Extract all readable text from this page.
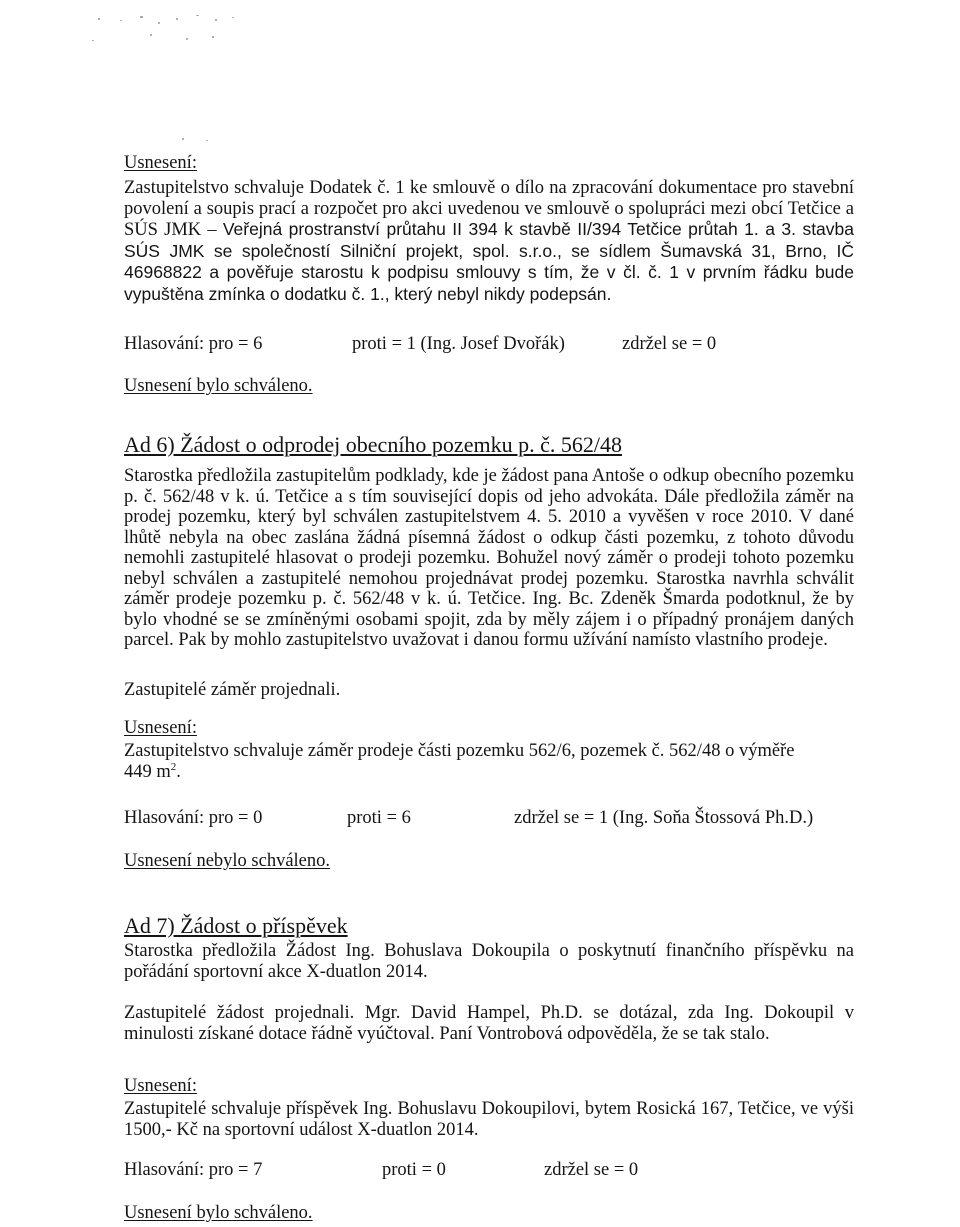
Usnesení:

Zastupitelstvo schvaluje Dodatek č. 1 ke smlouvě o dílo na zpracování dokumentace pro stavební povolení a soupis prací a rozpočet pro akci uvedenou ve smlouvě o spolupráci mezi obcí Tetčice a SÚS JMK – Veřejná prostranství průtahu II 394 k stavbě II/394 Tetčice průtah 1. a 3. stavba SÚS JMK se společností Silniční projekt, spol. s.r.o., se sídlem Šumavská 31, Brno, IČ 46968822 a pověřuje starostu k podpisu smlouvy s tím, že v čl. č. 1 v prvním řádku bude vypuštěna zmínka o dodatku č. 1., který nebyl nikdy podepsán.

Hlasování: pro = 6	proti = 1 (Ing. Josef Dvořák)	zdržel se = 0
Usnesení bylo schváleno.
Ad 6) Žádost o odprodej obecního pozemku p. č. 562/48

Starostka předložila zastupitelům podklady, kde je žádost pana Antoše o odkup obecního pozemku p. č. 562/48 v k. ú. Tetčice a s tím související dopis od jeho advokáta. Dále předložila záměr na prodej pozemku, který byl schválen zastupitelstvem 4. 5. 2010 a vyvěšen v roce 2010. V dané lhůtě nebyla na obec zaslána žádná písemná žádost o odkup části pozemku, z tohoto důvodu nemohli zastupitelé hlasovat o prodeji pozemku. Bohužel nový záměr o prodeji tohoto pozemku nebyl schválen a zastupitelé nemohou projednávat prodej pozemku. Starostka navrhla schválit záměr prodeje pozemku p. č. 562/48 v k. ú. Tetčice. Ing. Bc. Zdeněk Šmarda podotknul, že by bylo vhodné se se zmíněnými osobami spojit, zda by měly zájem i o případný pronájem daných parcel. Pak by mohlo zastupitelstvo uvažovat i danou formu užívání namísto vlastního prodeje.

Zastupitelé záměr projednali.
Usnesení:
Zastupitelstvo schvaluje záměr prodeje části pozemku 562/6, pozemek č. 562/48 o výměře
449 $m^2$.
Hlasování: pro = 0	proti = 6	zdržel se = 1 (Ing. Soňa Štossová Ph.D.)
Usnesení nebylo schváleno.
Ad 7) Žádost o příspěvek

Starostka předložila Žádost Ing. Bohuslava Dokoupila o poskytnutí finančního příspěvku na pořádání sportovní akce X-duatlon 2014.

Zastupitelé žádost projednali. Mgr. David Hampel, Ph.D. se dotázal, zda Ing. Dokoupil v minulosti získané dotace řádně vyúčtoval. Paní Vontrobová odpověděla, že se tak stalo.

Usnesení:

Zastupitelé schvaluje příspěvek Ing. Bohuslavu Dokoupilovi, bytem Rosická 167, Tetčice, ve výši 1500,- Kč na sportovní událost X-duatlon 2014.

Hlasování: pro = 7	proti = 0	zdržel se = 0
Usnesení bylo schváleno.
